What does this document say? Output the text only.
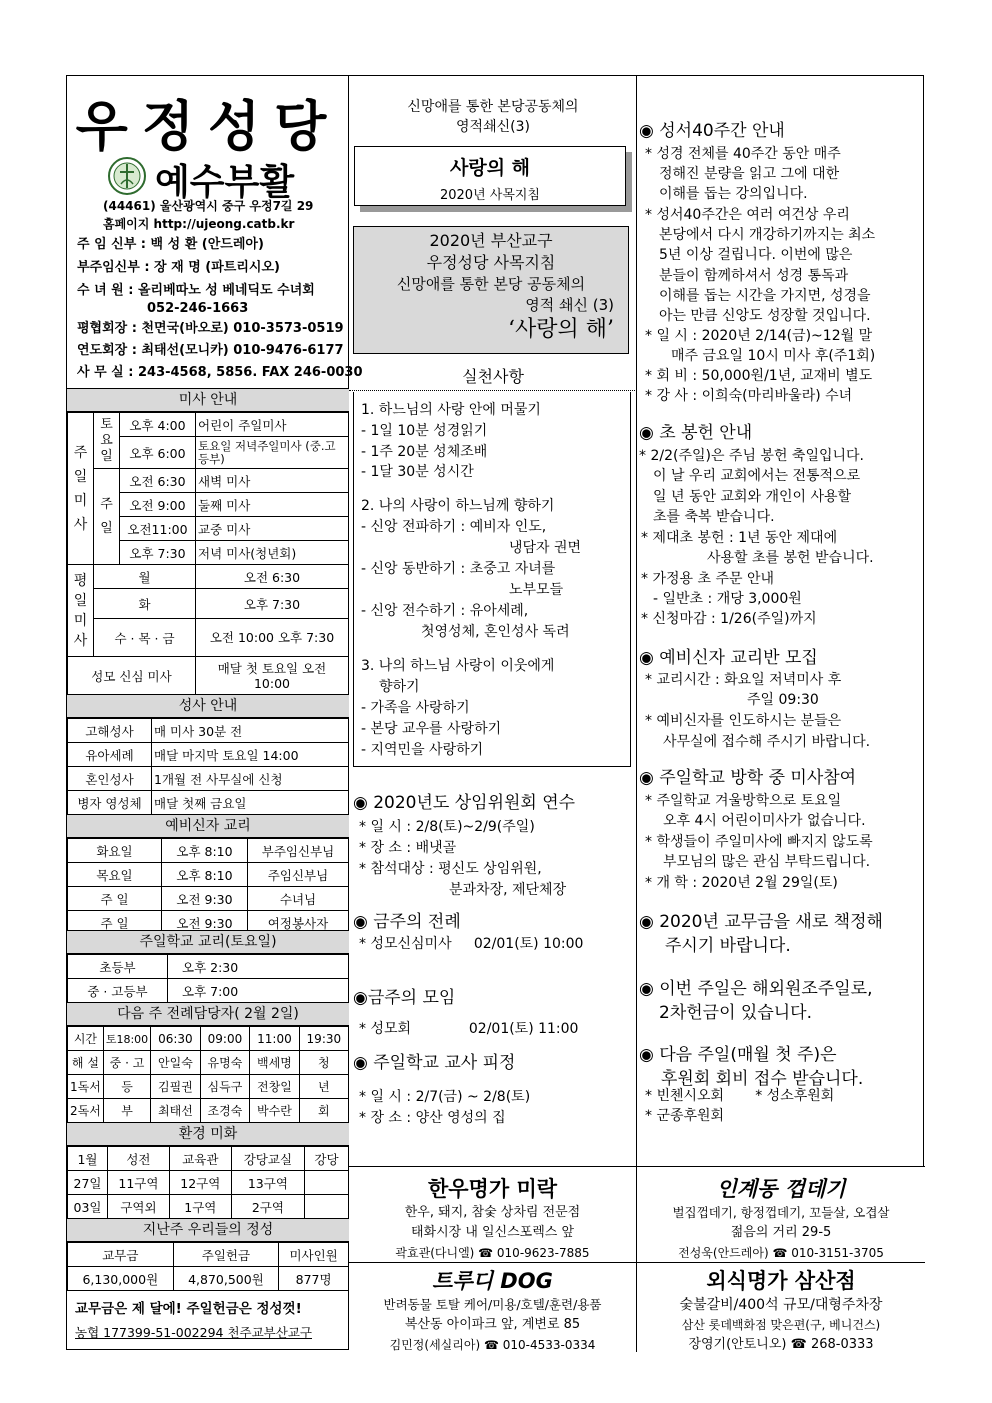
우정성당
예수부활
(44461) 울산광역시 중구 우정7길 29
홈페이지 http://ujeong.catb.kr
주 임 신부 : 백 성 환 (안드레아)
부주임신부 : 장 재 명 (파트리시오)
수 녀 원 : 올리베따노 성 베네딕도 수녀회
052-246-1663
평협회장 : 천면국(바오로) 010-3573-0519
연도회장 : 최태선(모니카) 010-9476-6177
사 무 실 : 243-4568, 5856. FAX 246-0030
미사 안내
주일미사	토요일	오후 4:00	어린이 주일미사
		오후 6:00	토요일 저녁주일미사 (중.고등부)
	주일	오전 6:30	새벽 미사
		오전 9:00	둘째 미사
		오전11:00	교중 미사
		오후 7:30	저녁 미사(청년회)
평일미사	월		오전 6:30
	화		오후 7:30
	수 · 목 · 금		오전 10:00 오후 7:30
성모 신심 미사			매달 첫 토요일 오전 10:00
성사 안내
고해성사	매 미사 30분 전
유아세례	매달 마지막 토요일 14:00
혼인성사	1개월 전 사무실에 신청
병자 영성체	매달 첫째 금요일
예비신자 교리
화요일	오후 8:10	부주임신부님
목요일	오후 8:10	주임신부님
주 일	오전 9:30	수녀님
주 일	오전 9:30	여정봉사자
주일학교 교리(토요일)
초등부	오후 2:30
중 · 고등부	오후 7:00
다음 주 전례담당자( 2월 2일)
시간	토18:00	06:30	09:00	11:00	19:30
해 설	중 · 고	안일숙	유명숙	백세명	청
1독서	등	김필권	심득구	전창일	년
2독서	부	최태선	조경숙	박수란	회
환경 미화
1월	성전	교육관	강당교실	강당
27일	11구역	12구역	13구역	
03일	구역외	1구역	2구역	
지난주 우리들의 정성
교무금	주일헌금	미사인원
6,130,000원	4,870,500원	877명
교무금은 제 달에! 주일헌금은 정성껏!
농협 177399-51-002294 천주교부산교구
신망애를 통한 본당공동체의
영적쇄신(3)
사랑의 해
2020년 사목지침
2020년 부산교구
우정성당 사목지침
신망애를 통한 본당 공동체의
영적 쇄신 (3)
‘사랑의 해’
실천사항
1. 하느님의 사랑 안에 머물기
- 1일 10분 성경읽기
- 1주 20분 성체조배
- 1달 30분 성시간
2. 나의 사랑이 하느님께 향하기
- 신앙 전파하기 : 예비자 인도,
냉담자 권면
- 신앙 동반하기 : 초중고 자녀를
노부모들
- 신앙 전수하기 : 유아세례,
첫영성체, 혼인성사 독려
3. 나의 하느님 사랑이 이웃에게
향하기
- 가족을 사랑하기
- 본당 교우를 사랑하기
- 지역민을 사랑하기
◉ 2020년도 상임위원회 연수
* 일 시 : 2/8(토)~2/9(주일)
* 장 소 : 배냇골
* 참석대상 : 평신도 상임위원,
분과차장, 제단체장
◉ 금주의 전례
* 성모신심미사     02/01(토) 10:00
◉금주의 모임
* 성모회             02/01(토) 11:00
◉ 주일학교 교사 피정
* 일 시 : 2/7(금) ~ 2/8(토)
* 장 소 : 양산 영성의 집
◉ 성서40주간 안내
* 성경 전체를 40주간 동안 매주
정해진 분량을 읽고 그에 대한
이해를 돕는 강의입니다.
* 성서40주간은 여러 여건상 우리
본당에서 다시 개강하기까지는 최소
5년 이상 걸립니다. 이번에 많은
분들이 함께하셔서 성경 통독과
이해를 돕는 시간을 가지면, 성경을
아는 만큼 신앙도 성장할 것입니다.
* 일 시 : 2020년 2/14(금)~12월 말
매주 금요일 10시 미사 후(주1회)
* 회 비 : 50,000원/1년, 교재비 별도
* 강 사 : 이희숙(마리바울라) 수녀
◉ 초 봉헌 안내
* 2/2(주일)은 주님 봉헌 축일입니다.
이 날 우리 교회에서는 전통적으로
일 년 동안 교회와 개인이 사용할
초를 축복 받습니다.
* 제대초 봉헌 : 1년 동안 제대에
사용할 초를 봉헌 받습니다.
* 가정용 초 주문 안내
- 일반초 : 개당 3,000원
* 신청마감 : 1/26(주일)까지
◉ 예비신자 교리반 모집
* 교리시간 : 화요일 저녁미사 후
주일 09:30
* 예비신자를 인도하시는 분들은
사무실에 접수해 주시기 바랍니다.
◉ 주일학교 방학 중 미사참여
* 주일학교 겨울방학으로 토요일
오후 4시 어린이미사가 없습니다.
* 학생들이 주일미사에 빠지지 않도록
부모님의 많은 관심 부탁드립니다.
* 개 학 : 2020년 2월 29일(토)
◉ 2020년 교무금을 새로 책정해
주시기 바랍니다.
◉ 이번 주일은 해외원조주일로,
2차헌금이 있습니다.
◉ 다음 주일(매월 첫 주)은
후원회 회비 접수 받습니다.
* 빈첸시오회       * 성소후원회
* 군종후원회
한우명가 미락
한우, 돼지, 참숯 상차림 전문점
태화시장 내 일신스포렉스 앞
곽효관(다니엘) ☎ 010-9623-7885
인계동 껍데기
벌집껍데기, 항정껍데기, 꼬들살, 오겹살
젊음의 거리 29-5
전성욱(안드레아) ☎ 010-3151-3705
트루디 DOG
반려동물 토탈 케어/미용/호텔/훈련/용품
복산동 아이파크 앞, 계변로 85
김민정(세실리아) ☎ 010-4533-0334
외식명가 삼산점
숯불갈비/400석 규모/대형주차장
삼산 롯데백화점 맞은편(구, 베니건스)
장영기(안토니오) ☎ 268-0333
